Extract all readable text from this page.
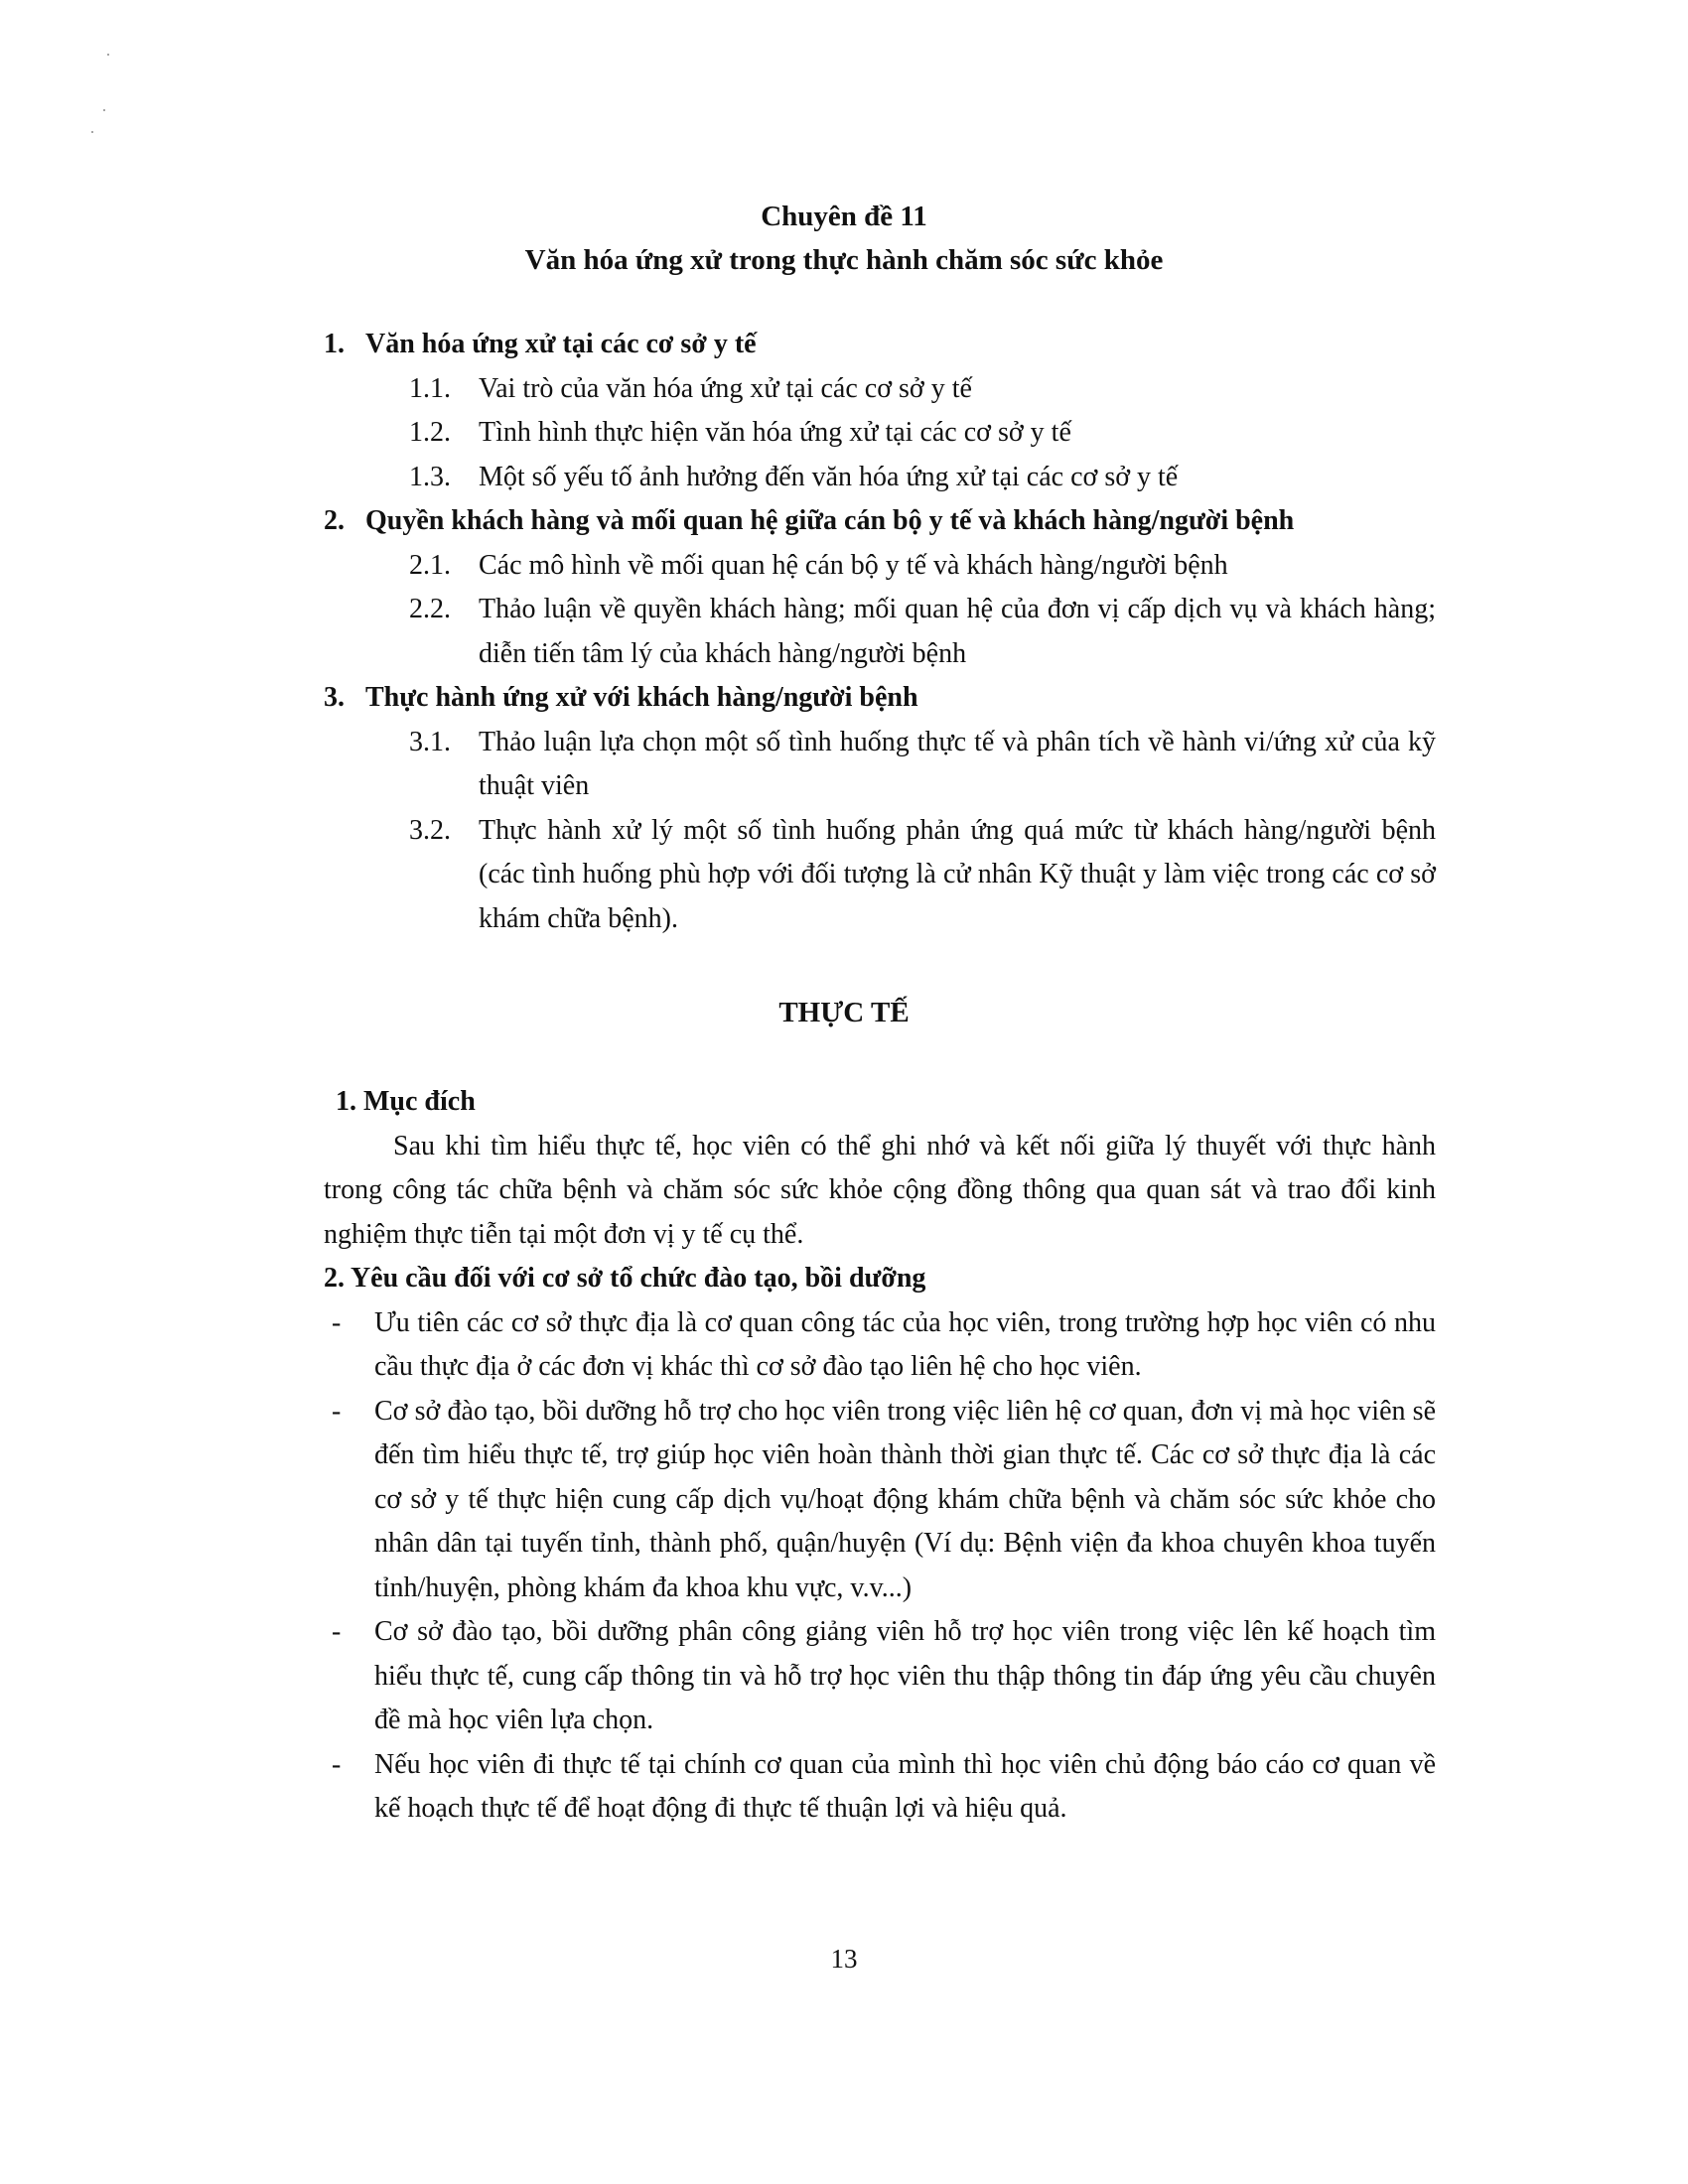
Chuyên đề 11
Văn hóa ứng xử trong thực hành chăm sóc sức khỏe
1. Văn hóa ứng xử tại các cơ sở y tế
1.1.	Vai trò của văn hóa ứng xử tại các cơ sở y tế
1.2.	Tình hình thực hiện văn hóa ứng xử tại các cơ sở y tế
1.3.	Một số yếu tố ảnh hưởng đến văn hóa ứng xử tại các cơ sở y tế
2. Quyền khách hàng và mối quan hệ giữa cán bộ y tế và khách hàng/người bệnh
2.1.	Các mô hình về mối quan hệ cán bộ y tế và khách hàng/người bệnh
2.2.	Thảo luận về quyền khách hàng; mối quan hệ của đơn vị cấp dịch vụ và khách hàng; diễn tiến tâm lý của khách hàng/người bệnh
3. Thực hành ứng xử với khách hàng/người bệnh
3.1.	Thảo luận lựa chọn một số tình huống thực tế và phân tích về hành vi/ứng xử của kỹ thuật viên
3.2.	Thực hành xử lý một số tình huống phản ứng quá mức từ khách hàng/người bệnh (các tình huống phù hợp với đối tượng là cử nhân Kỹ thuật y làm việc trong các cơ sở khám chữa bệnh).
THỰC TẾ
1. Mục đích
Sau khi tìm hiểu thực tế, học viên có thể ghi nhớ và kết nối giữa lý thuyết với thực hành trong công tác chữa bệnh và chăm sóc sức khỏe cộng đồng thông qua quan sát và trao đổi kinh nghiệm thực tiễn tại một đơn vị y tế cụ thể.
2. Yêu cầu đối với cơ sở tổ chức đào tạo, bồi dưỡng
-	Ưu tiên các cơ sở thực địa là cơ quan công tác của học viên, trong trường hợp học viên có nhu cầu thực địa ở các đơn vị khác thì cơ sở đào tạo liên hệ cho học viên.
-	Cơ sở đào tạo, bồi dưỡng hỗ trợ cho học viên trong việc liên hệ cơ quan, đơn vị mà học viên sẽ đến tìm hiểu thực tế, trợ giúp học viên hoàn thành thời gian thực tế. Các cơ sở thực địa là các cơ sở y tế thực hiện cung cấp dịch vụ/hoạt động khám chữa bệnh và chăm sóc sức khỏe cho nhân dân tại tuyến tỉnh, thành phố, quận/huyện (Ví dụ: Bệnh viện đa khoa chuyên khoa tuyến tỉnh/huyện, phòng khám đa khoa khu vực, v.v...)
-	Cơ sở đào tạo, bồi dưỡng phân công giảng viên hỗ trợ học viên trong việc lên kế hoạch tìm hiểu thực tế, cung cấp thông tin và hỗ trợ học viên thu thập thông tin đáp ứng yêu cầu chuyên đề mà học viên lựa chọn.
-	Nếu học viên đi thực tế tại chính cơ quan của mình thì học viên chủ động báo cáo cơ quan về kế hoạch thực tế để hoạt động đi thực tế thuận lợi và hiệu quả.
13
